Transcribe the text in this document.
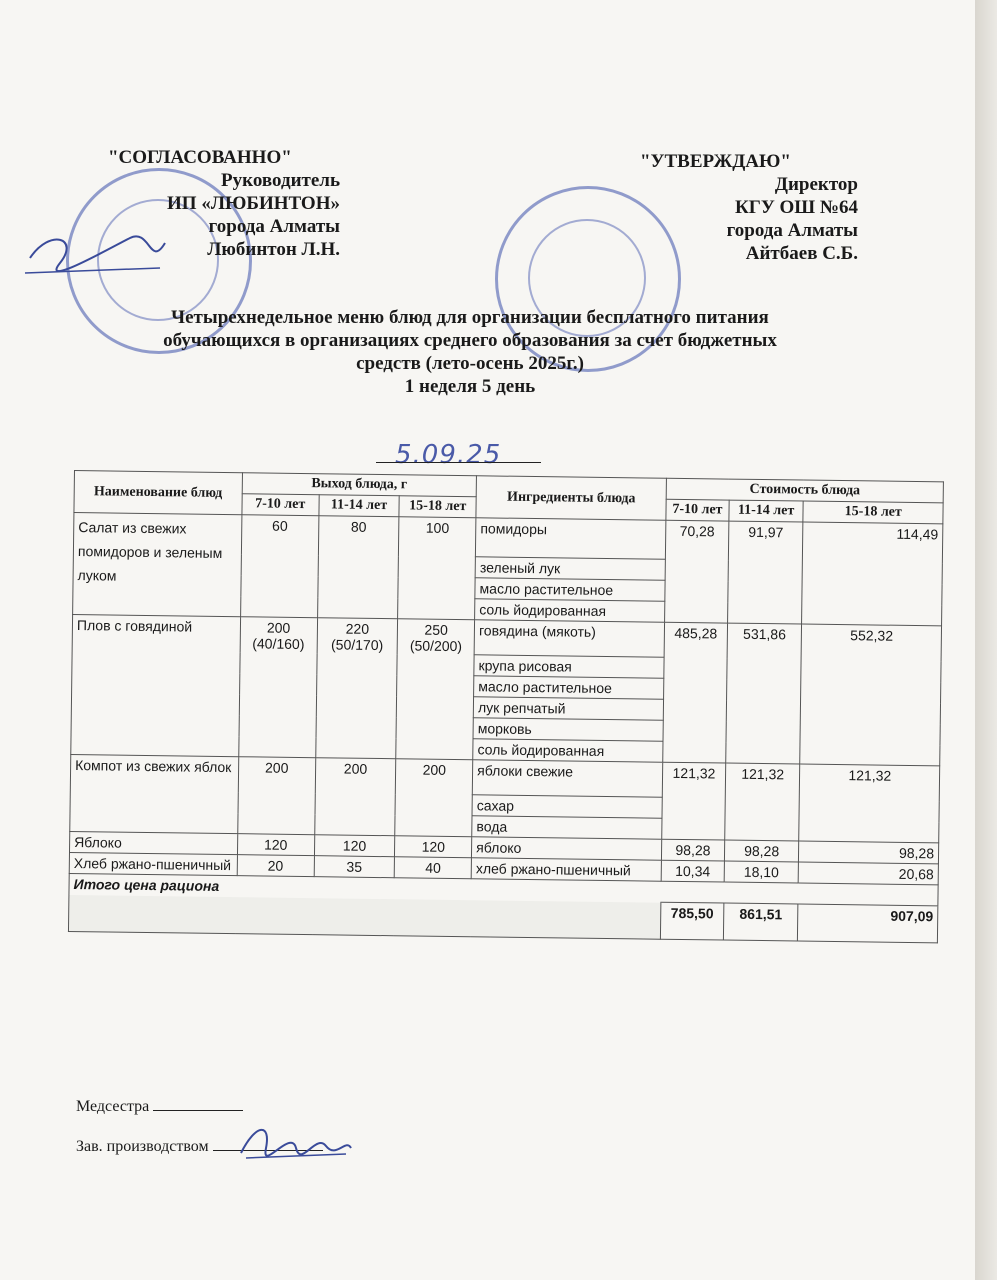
"СОГЛАСОВАННО"
Руководитель
ИП «ЛЮБИНТОН»
города Алматы
Любинтон Л.Н.
"УТВЕРЖДАЮ"
Директор
КГУ ОШ №64
города Алматы
Айтбаев С.Б.
Четырехнедельное меню блюд для организации бесплатного питания
обучающихся в организациях среднего образования за счет бюджетных
средств (лето-осень 2025г.)
1 неделя 5 день
5.09.25
Наименование блюд	Выход блюда, г			Ингредиенты блюда	Стоимость блюда		
	7-10 лет	11-14 лет	15-18 лет		7-10 лет	11-14 лет	15-18 лет
Салат из свежих помидоров и зеленым луком	60	80	100	помидоры	70,28	91,97	114,49
				зеленый лук			
				масло растительное			
				соль йодированная			
Плов с говядиной	200 (40/160)	220 (50/170)	250 (50/200)	говядина (мякоть)	485,28	531,86	552,32
				крупа рисовая			
				масло растительное			
				лук репчатый			
				морковь			
				соль йодированная			
Компот из свежих яблок	200	200	200	яблоки свежие	121,32	121,32	121,32
				сахар			
				вода			
Яблоко	120	120	120	яблоко	98,28	98,28	98,28
Хлеб ржано-пшеничный	20	35	40	хлеб ржано-пшеничный	10,34	18,10	20,68
Итого цена рациона							
					785,50	861,51	907,09
Медсестра
Зав. производством
